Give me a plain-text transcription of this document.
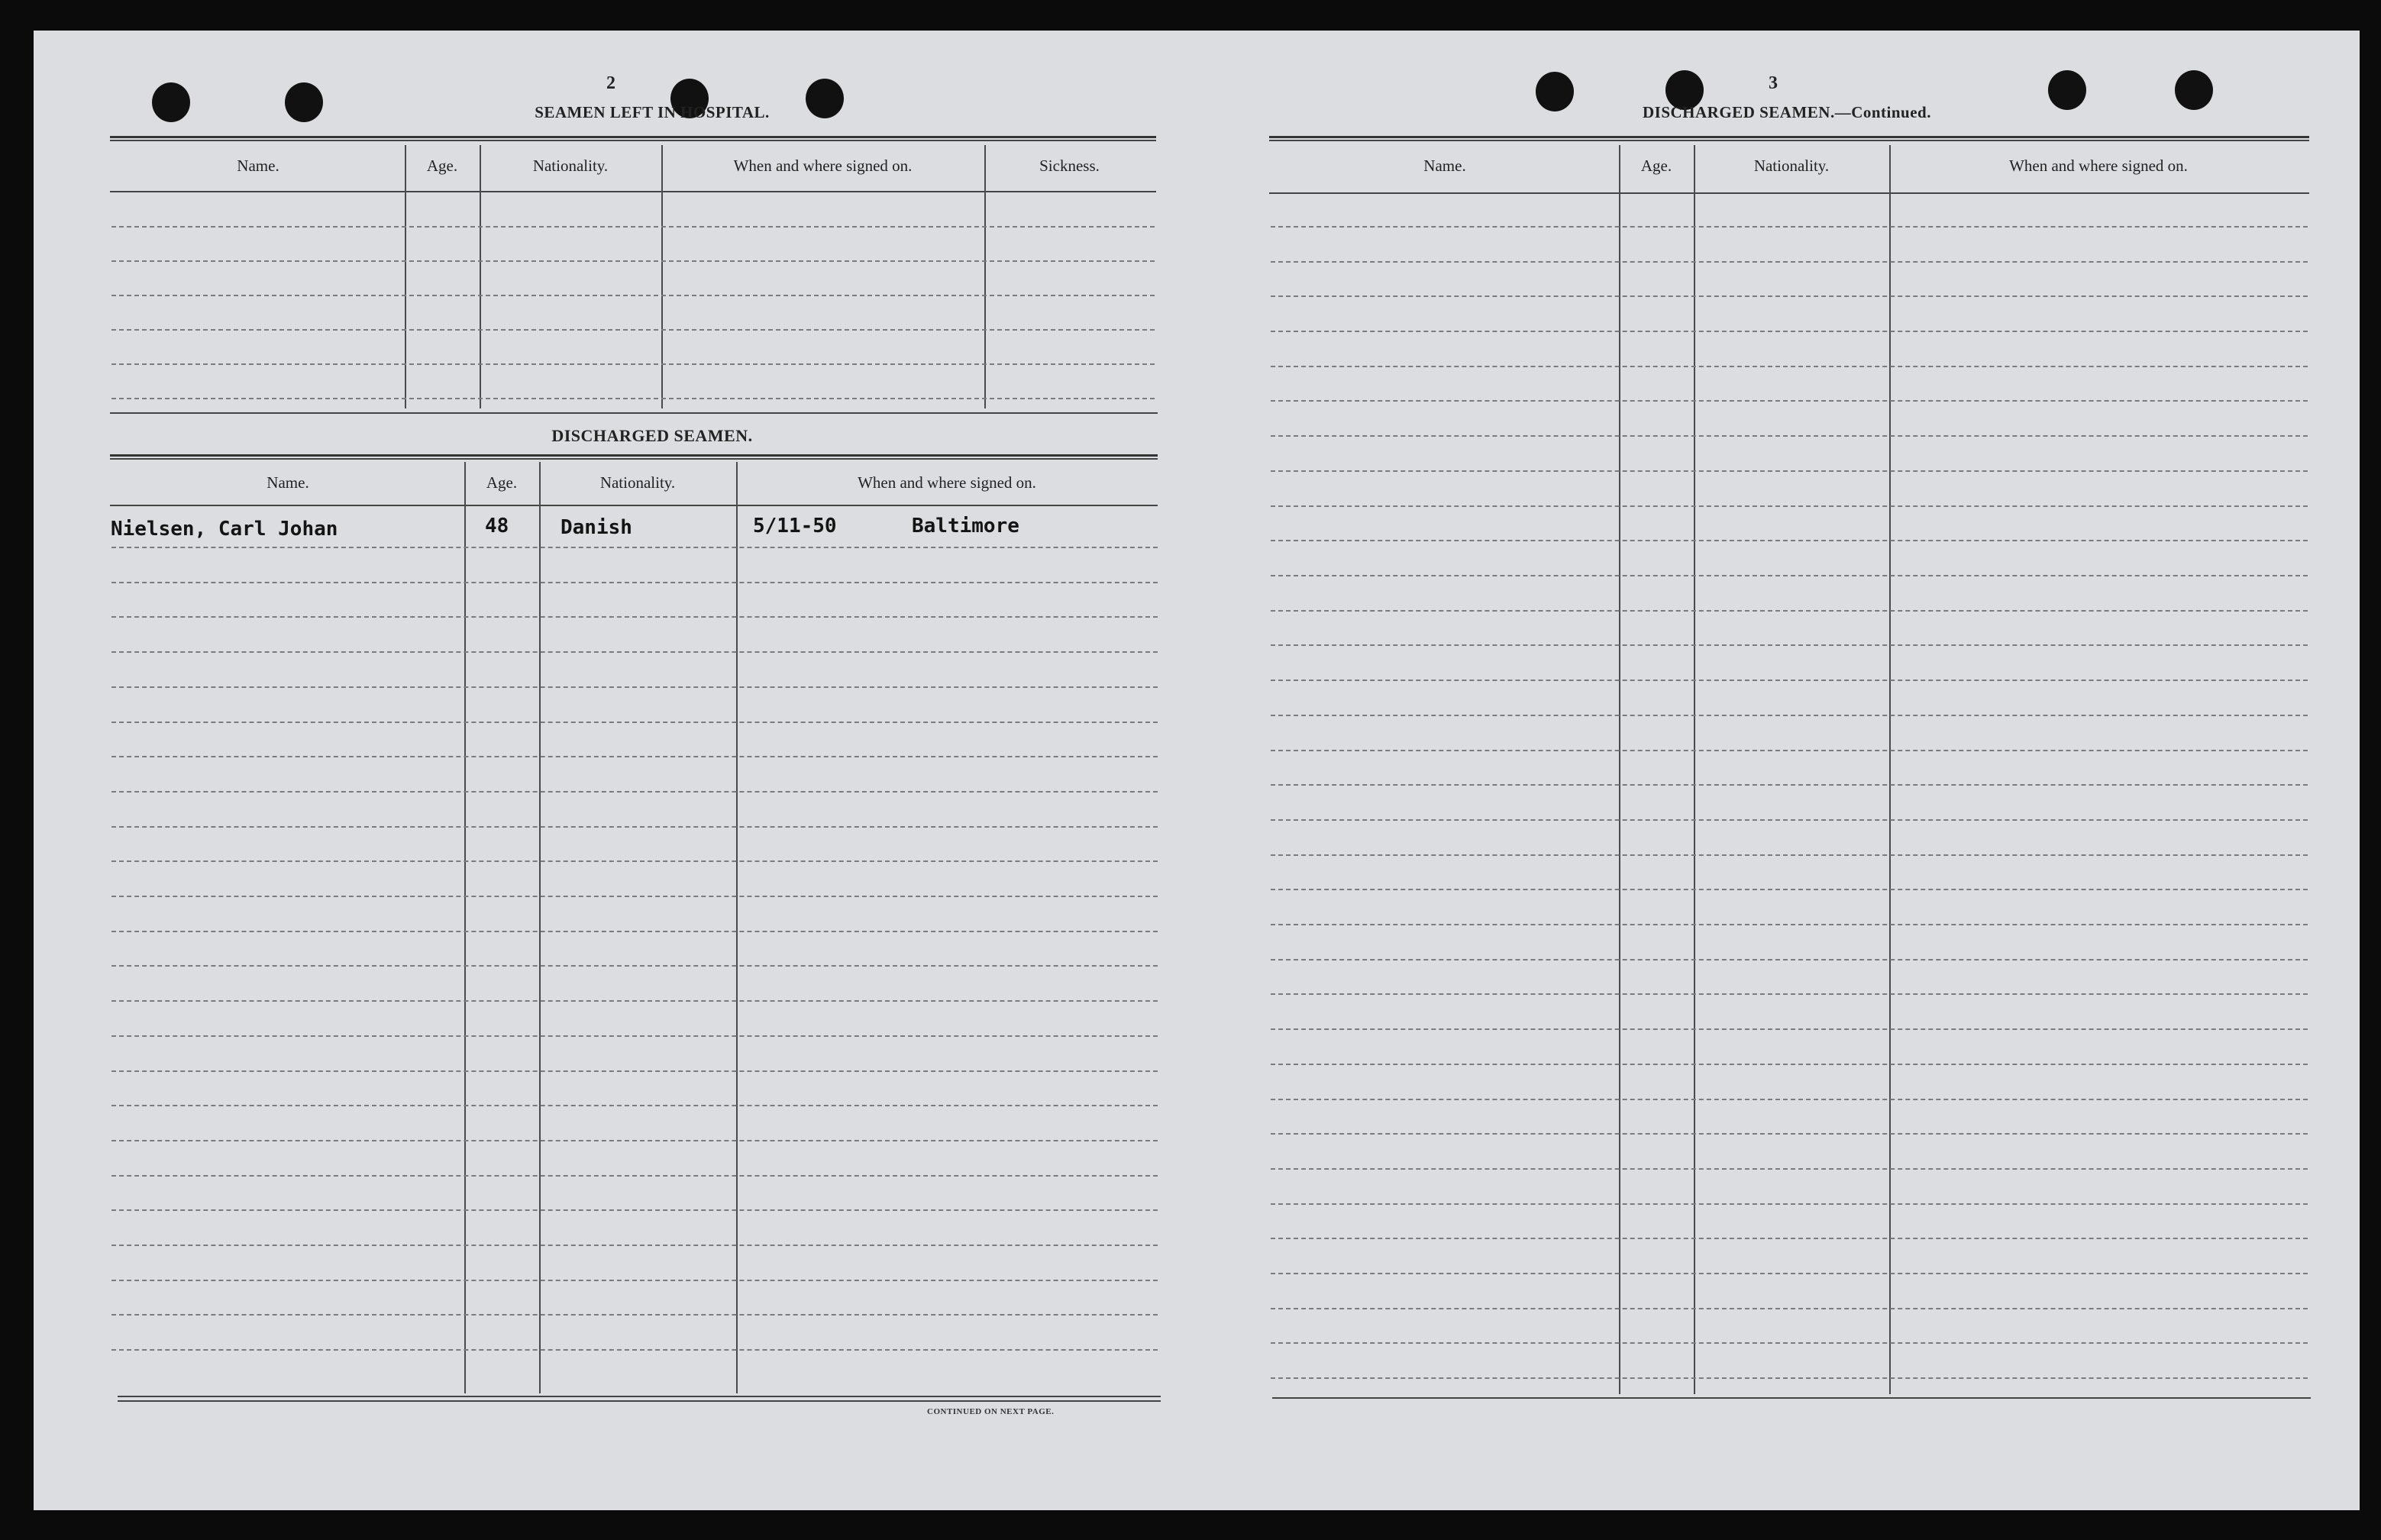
2
SEAMEN LEFT IN HOSPITAL.
Name.	Age.	Nationality.	When and where signed on.	Sickness.
DISCHARGED SEAMEN.
Name.	Age.	Nationality.	When and where signed on.
Nielsen, Carl Johan	48	Danish	5/11-50	Baltimore
CONTINUED ON NEXT PAGE.
3
DISCHARGED SEAMEN.—Continued.
Name.	Age.	Nationality.	When and where signed on.
